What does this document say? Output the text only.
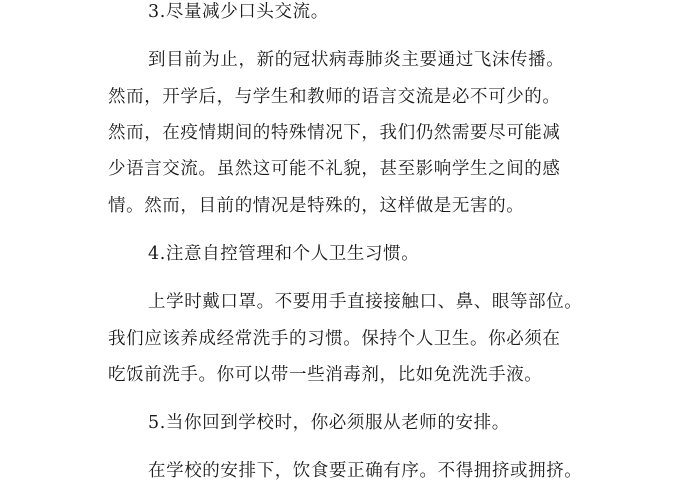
3.尽量减少口头交流。
到目前为止，新的冠状病毒肺炎主要通过飞沫传播。
然而，开学后，与学生和教师的语言交流是必不可少的。
然而，在疫情期间的特殊情况下，我们仍然需要尽可能减
少语言交流。虽然这可能不礼貌，甚至影响学生之间的感
情。然而，目前的情况是特殊的，这样做是无害的。
4.注意自控管理和个人卫生习惯。
上学时戴口罩。不要用手直接接触口、鼻、眼等部位。
我们应该养成经常洗手的习惯。保持个人卫生。你必须在
吃饭前洗手。你可以带一些消毒剂，比如免洗洗手液。
5.当你回到学校时，你必须服从老师的安排。
在学校的安排下，饮食要正确有序。不得拥挤或拥挤。
